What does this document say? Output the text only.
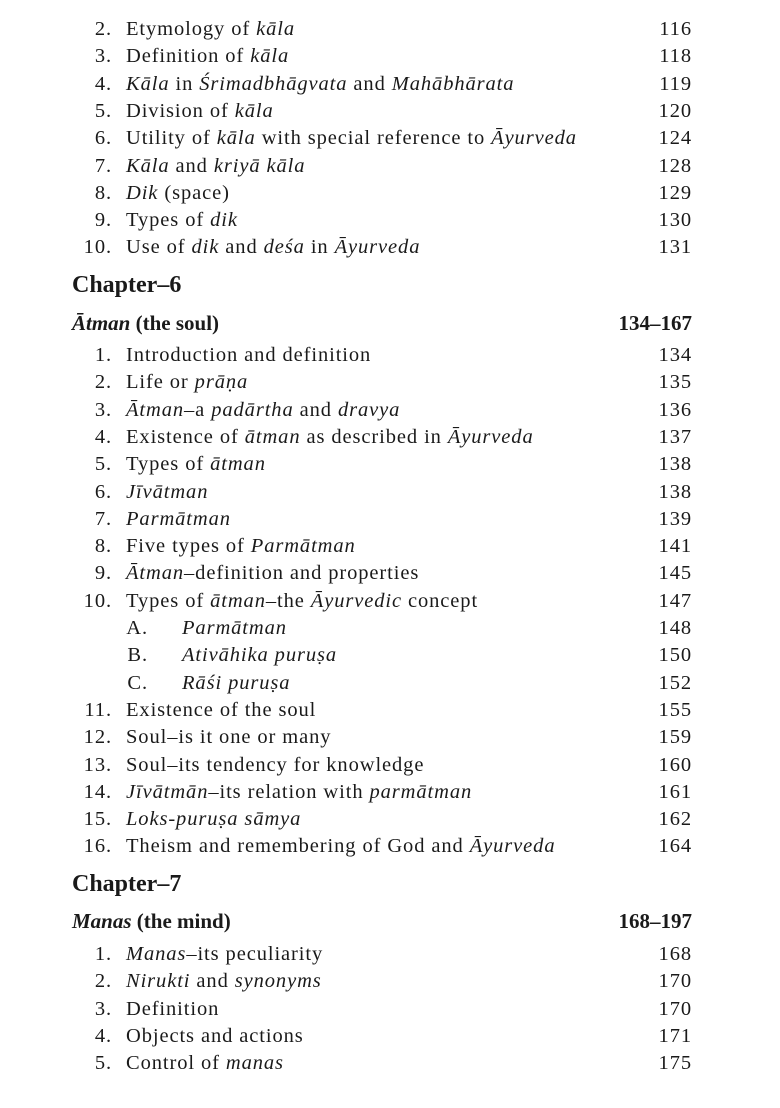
2. Etymology of kāla	116
3. Definition of kāla	118
4. Kāla in Śrimadbhāgvata and Mahābhārata	119
5. Division of kāla	120
6. Utility of kāla with special reference to Āyurveda	124
7. Kāla and kriyā kāla	128
8. Dik (space)	129
9. Types of dik	130
10. Use of dik and deśa in Āyurveda	131
Chapter–6
Ātman (the soul)	134–167
1. Introduction and definition	134
2. Life or prāṇa	135
3. Ātman–a padārtha and dravya	136
4. Existence of ātman as described in Āyurveda	137
5. Types of ātman	138
6. Jīvātman	138
7. Parmātman	139
8. Five types of Parmātman	141
9. Ātman–definition and properties	145
10. Types of ātman–the Āyurvedic concept	147
A. Parmātman	148
B. Ativāhika puruṣa	150
C. Rāśi puruṣa	152
11. Existence of the soul	155
12. Soul–is it one or many	159
13. Soul–its tendency for knowledge	160
14. Jīvātmān–its relation with parmātman	161
15. Loks-puruṣa sāmya	162
16. Theism and remembering of God and Āyurveda	164
Chapter–7
Manas (the mind)	168–197
1. Manas–its peculiarity	168
2. Nirukti and synonyms	170
3. Definition	170
4. Objects and actions	171
5. Control of manas	175
